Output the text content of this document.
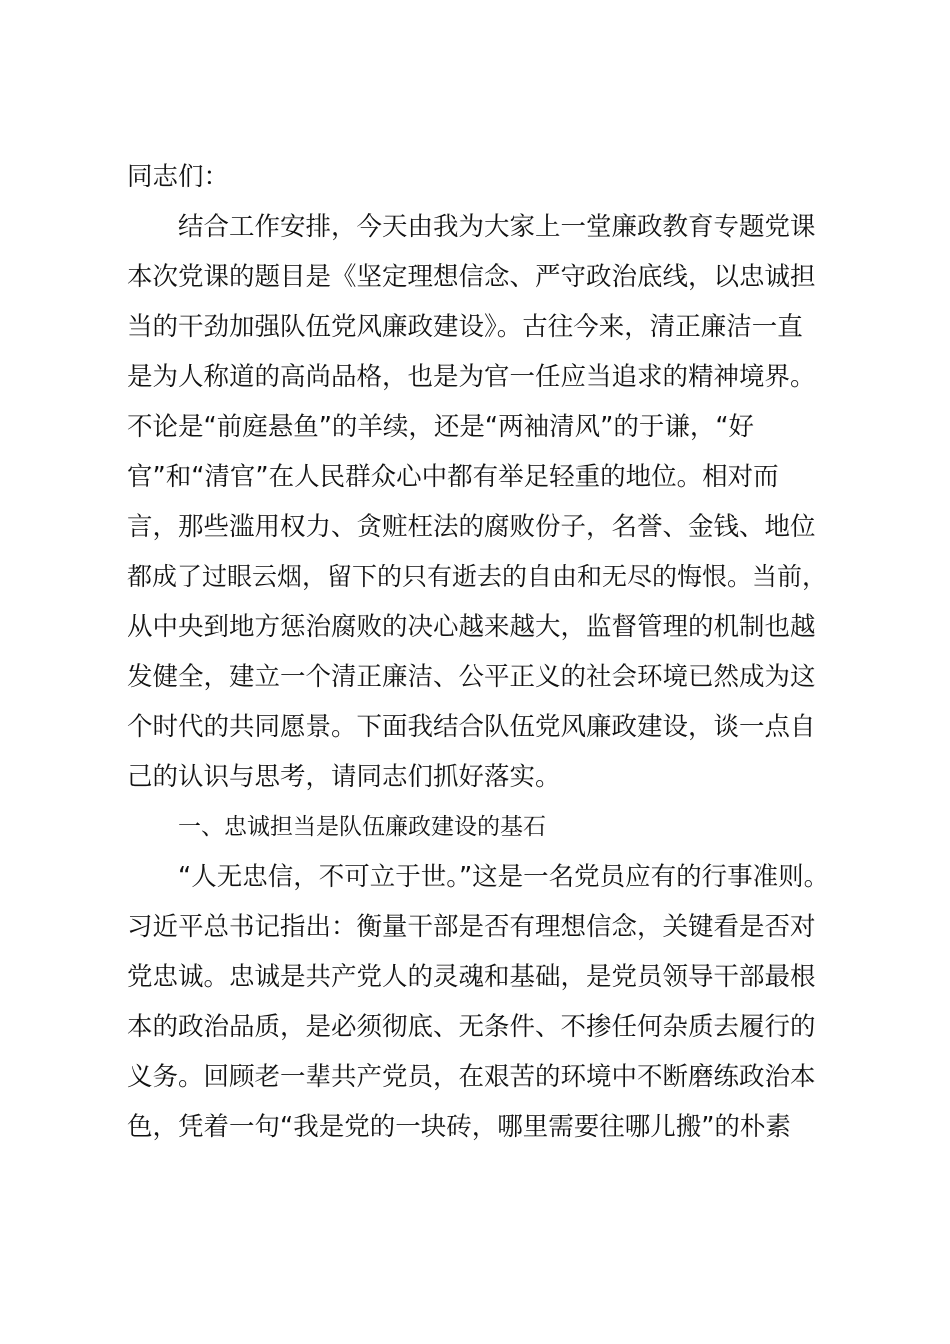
同志们：
结合工作安排，今天由我为大家上一堂廉政教育专题党课
本次党课的题目是《坚定理想信念、严守政治底线，以忠诚担
当的干劲加强队伍党风廉政建设》。古往今来，清正廉洁一直
是为人称道的高尚品格，也是为官一任应当追求的精神境界。
不论是“前庭悬鱼”的羊续，还是“两袖清风”的于谦，“好
官”和“清官”在人民群众心中都有举足轻重的地位。相对而
言，那些滥用权力、贪赃枉法的腐败份子，名誉、金钱、地位
都成了过眼云烟，留下的只有逝去的自由和无尽的悔恨。当前，
从中央到地方惩治腐败的决心越来越大，监督管理的机制也越
发健全，建立一个清正廉洁、公平正义的社会环境已然成为这
个时代的共同愿景。下面我结合队伍党风廉政建设，谈一点自
己的认识与思考，请同志们抓好落实。
一、忠诚担当是队伍廉政建设的基石
“人无忠信，不可立于世。”这是一名党员应有的行事准则。
习近平总书记指出：衡量干部是否有理想信念，关键看是否对
党忠诚。忠诚是共产党人的灵魂和基础，是党员领导干部最根
本的政治品质，是必须彻底、无条件、不掺任何杂质去履行的
义务。回顾老一辈共产党员，在艰苦的环境中不断磨练政治本
色，凭着一句“我是党的一块砖，哪里需要往哪儿搬”的朴素
